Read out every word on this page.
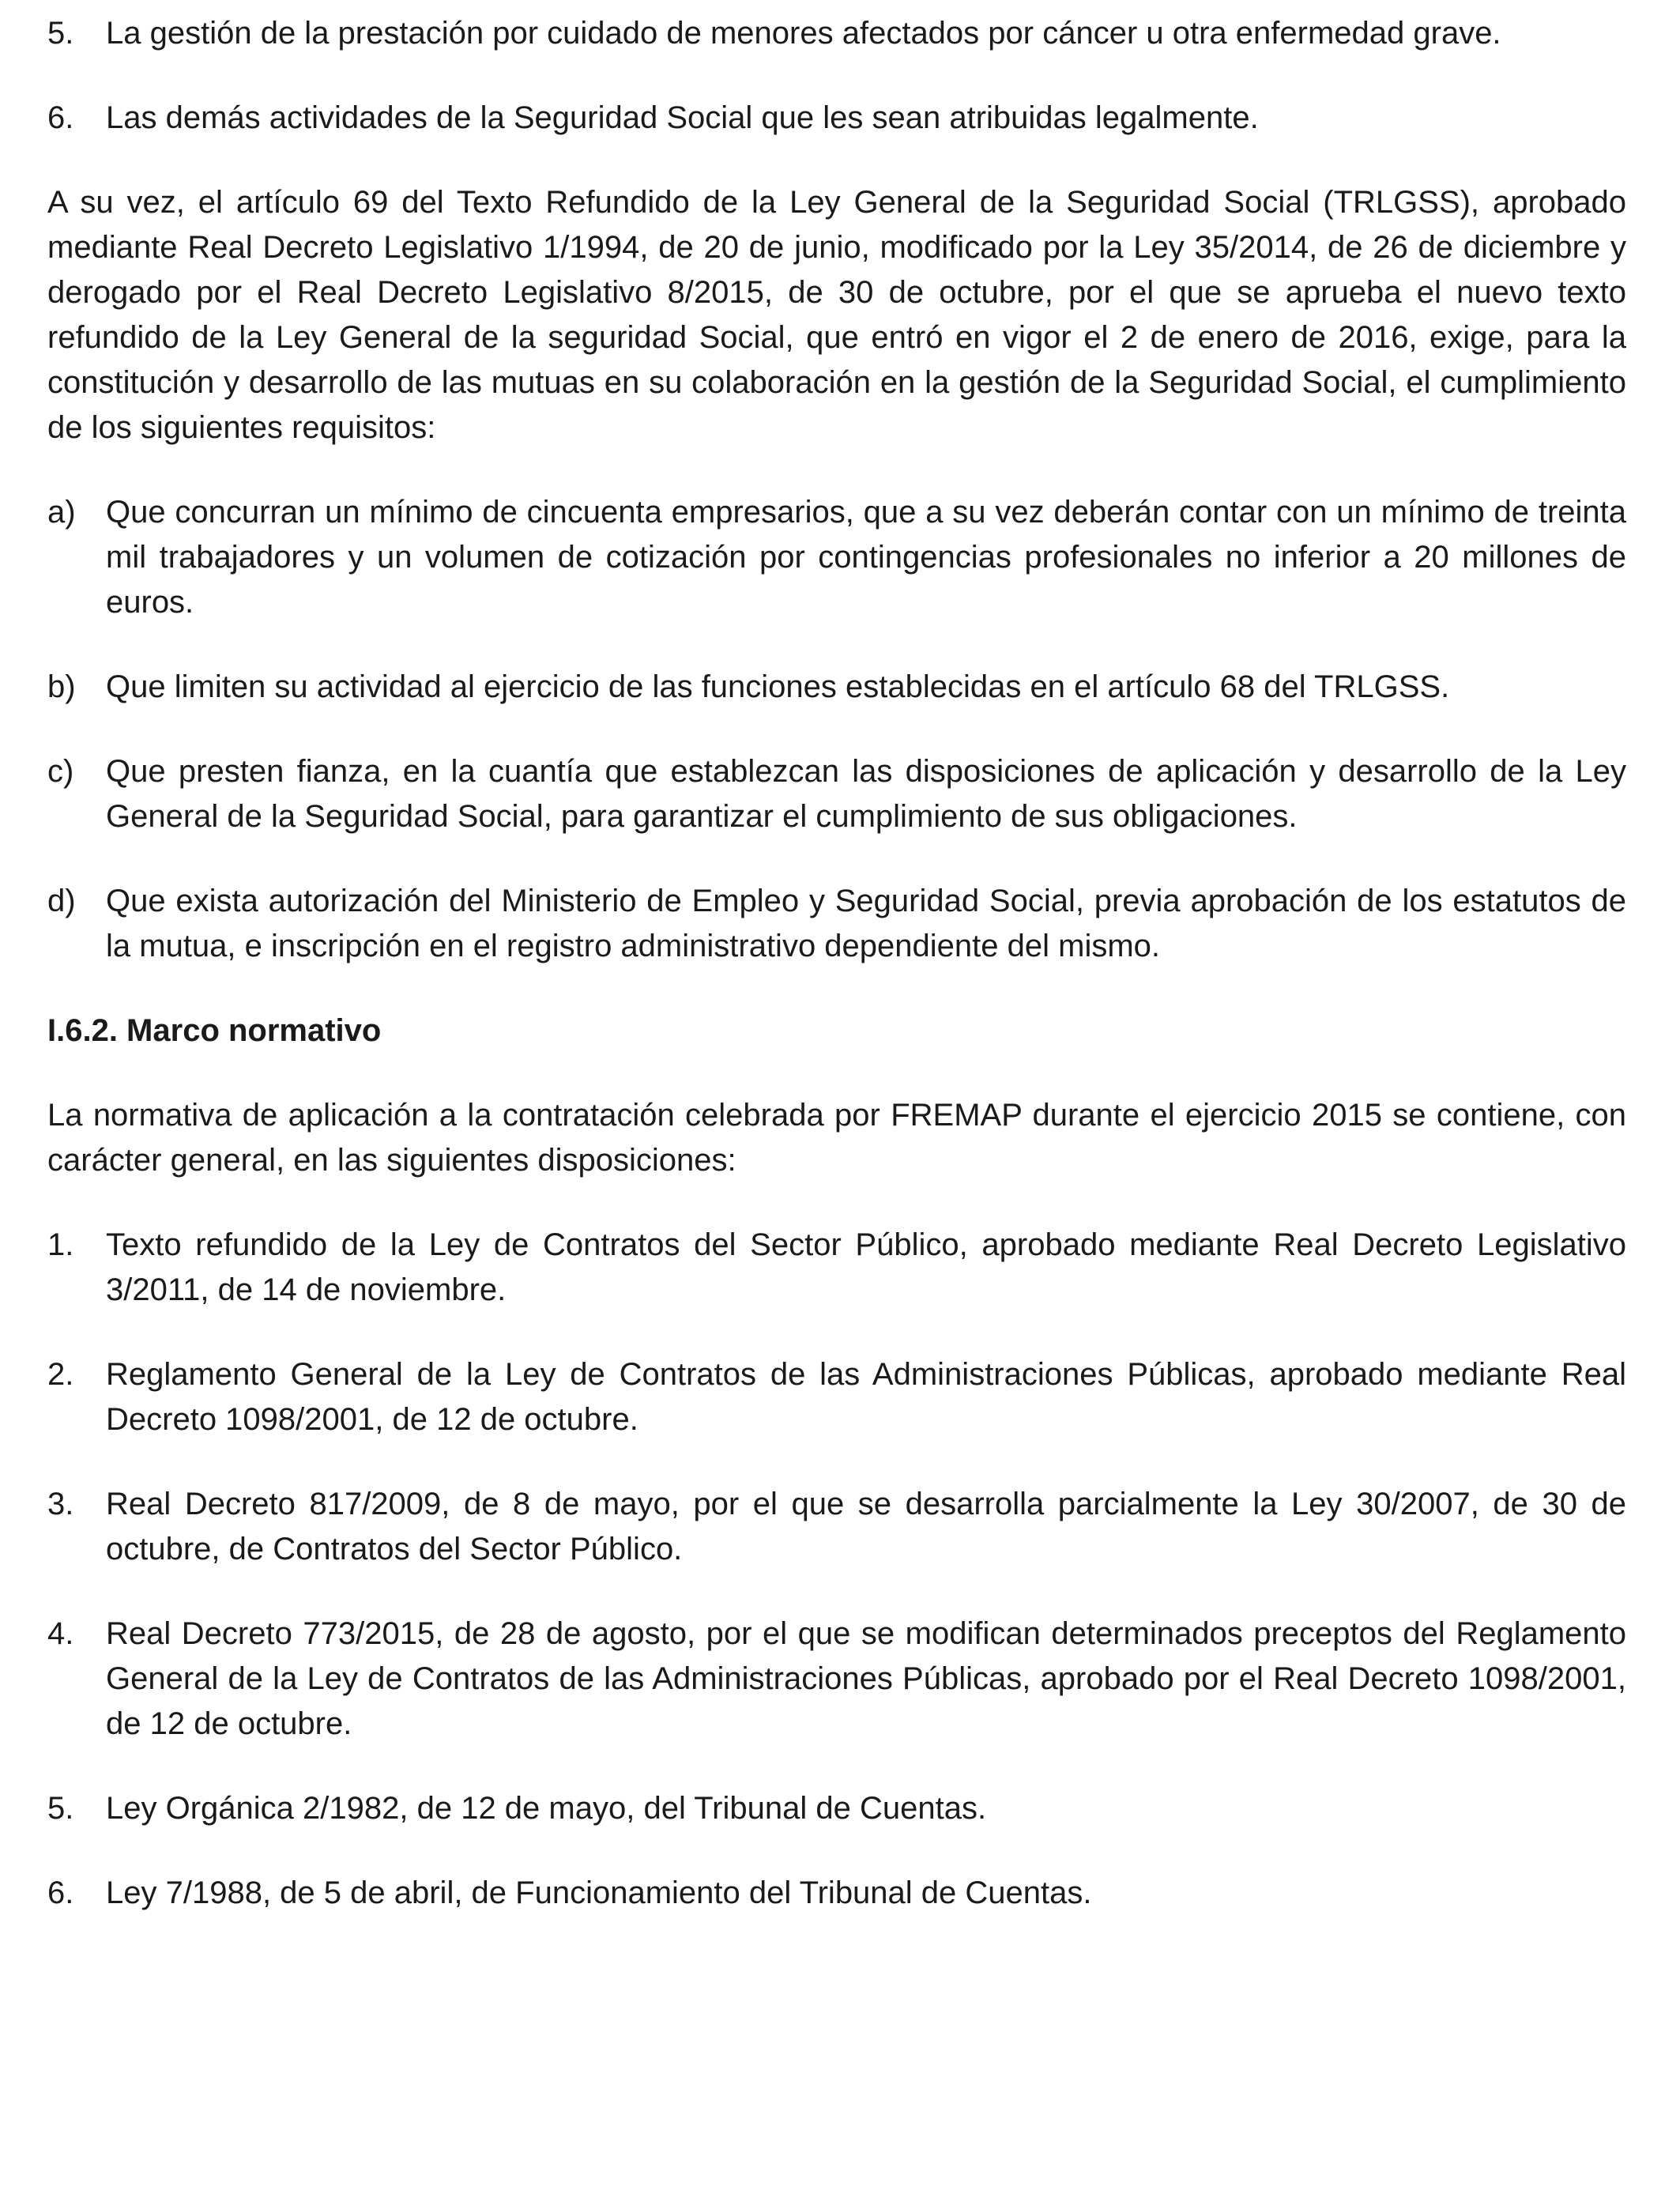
5. La gestión de la prestación por cuidado de menores afectados por cáncer u otra enfermedad grave.
6. Las demás actividades de la Seguridad Social que les sean atribuidas legalmente.

A su vez, el artículo 69 del Texto Refundido de la Ley General de la Seguridad Social (TRLGSS), aprobado mediante Real Decreto Legislativo 1/1994, de 20 de junio, modificado por la Ley 35/2014, de 26 de diciembre y derogado por el Real Decreto Legislativo 8/2015, de 30 de octubre, por el que se aprueba el nuevo texto refundido de la Ley General de la seguridad Social, que entró en vigor el 2 de enero de 2016, exige, para la constitución y desarrollo de las mutuas en su colaboración en la gestión de la Seguridad Social, el cumplimiento de los siguientes requisitos:

a) Que concurran un mínimo de cincuenta empresarios, que a su vez deberán contar con un mínimo de treinta mil trabajadores y un volumen de cotización por contingencias profesionales no inferior a 20 millones de euros.
b) Que limiten su actividad al ejercicio de las funciones establecidas en el artículo 68 del TRLGSS.
c) Que presten fianza, en la cuantía que establezcan las disposiciones de aplicación y desarrollo de la Ley General de la Seguridad Social, para garantizar el cumplimiento de sus obligaciones.
d) Que exista autorización del Ministerio de Empleo y Seguridad Social, previa aprobación de los estatutos de la mutua, e inscripción en el registro administrativo dependiente del mismo.
I.6.2. Marco normativo

La normativa de aplicación a la contratación celebrada por FREMAP durante el ejercicio 2015 se contiene, con carácter general, en las siguientes disposiciones:

1. Texto refundido de la Ley de Contratos del Sector Público, aprobado mediante Real Decreto Legislativo 3/2011, de 14 de noviembre.
2. Reglamento General de la Ley de Contratos de las Administraciones Públicas, aprobado mediante Real Decreto 1098/2001, de 12 de octubre.
3. Real Decreto 817/2009, de 8 de mayo, por el que se desarrolla parcialmente la Ley 30/2007, de 30 de octubre, de Contratos del Sector Público.
4. Real Decreto 773/2015, de 28 de agosto, por el que se modifican determinados preceptos del Reglamento General de la Ley de Contratos de las Administraciones Públicas, aprobado por el Real Decreto 1098/2001, de 12 de octubre.
5. Ley Orgánica 2/1982, de 12 de mayo, del Tribunal de Cuentas.
6. Ley 7/1988, de 5 de abril, de Funcionamiento del Tribunal de Cuentas.
